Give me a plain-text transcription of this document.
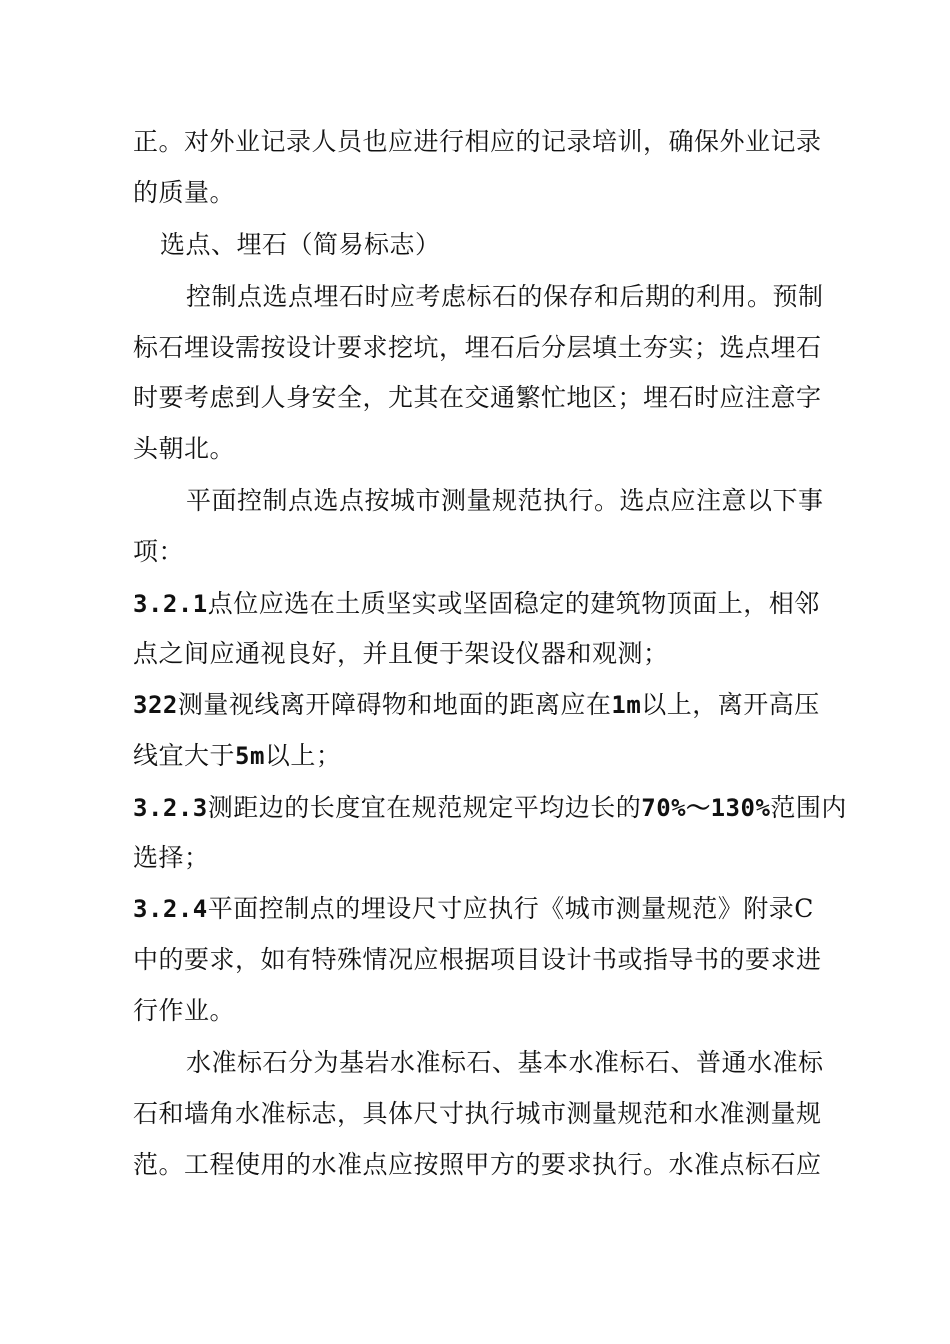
正。对外业记录人员也应进行相应的记录培训，确保外业记录
的质量。
选点、埋石（简易标志）
控制点选点埋石时应考虑标石的保存和后期的利用。预制
标石埋设需按设计要求挖坑，埋石后分层填土夯实；选点埋石
时要考虑到人身安全，尤其在交通繁忙地区；埋石时应注意字
头朝北。
平面控制点选点按城市测量规范执行。选点应注意以下事
项：
3.2.1点位应选在土质坚实或坚固稳定的建筑物顶面上，相邻
点之间应通视良好，并且便于架设仪器和观测；
322测量视线离开障碍物和地面的距离应在1m以上，离开高压
线宜大于5m以上；
3.2.3测距边的长度宜在规范规定平均边长的70%〜130%范围内
选择；
3.2.4平面控制点的埋设尺寸应执行《城市测量规范》附录C
中的要求，如有特殊情况应根据项目设计书或指导书的要求进
行作业。
水准标石分为基岩水准标石、基本水准标石、普通水准标
石和墙角水准标志，具体尺寸执行城市测量规范和水准测量规
范。工程使用的水准点应按照甲方的要求执行。水准点标石应
